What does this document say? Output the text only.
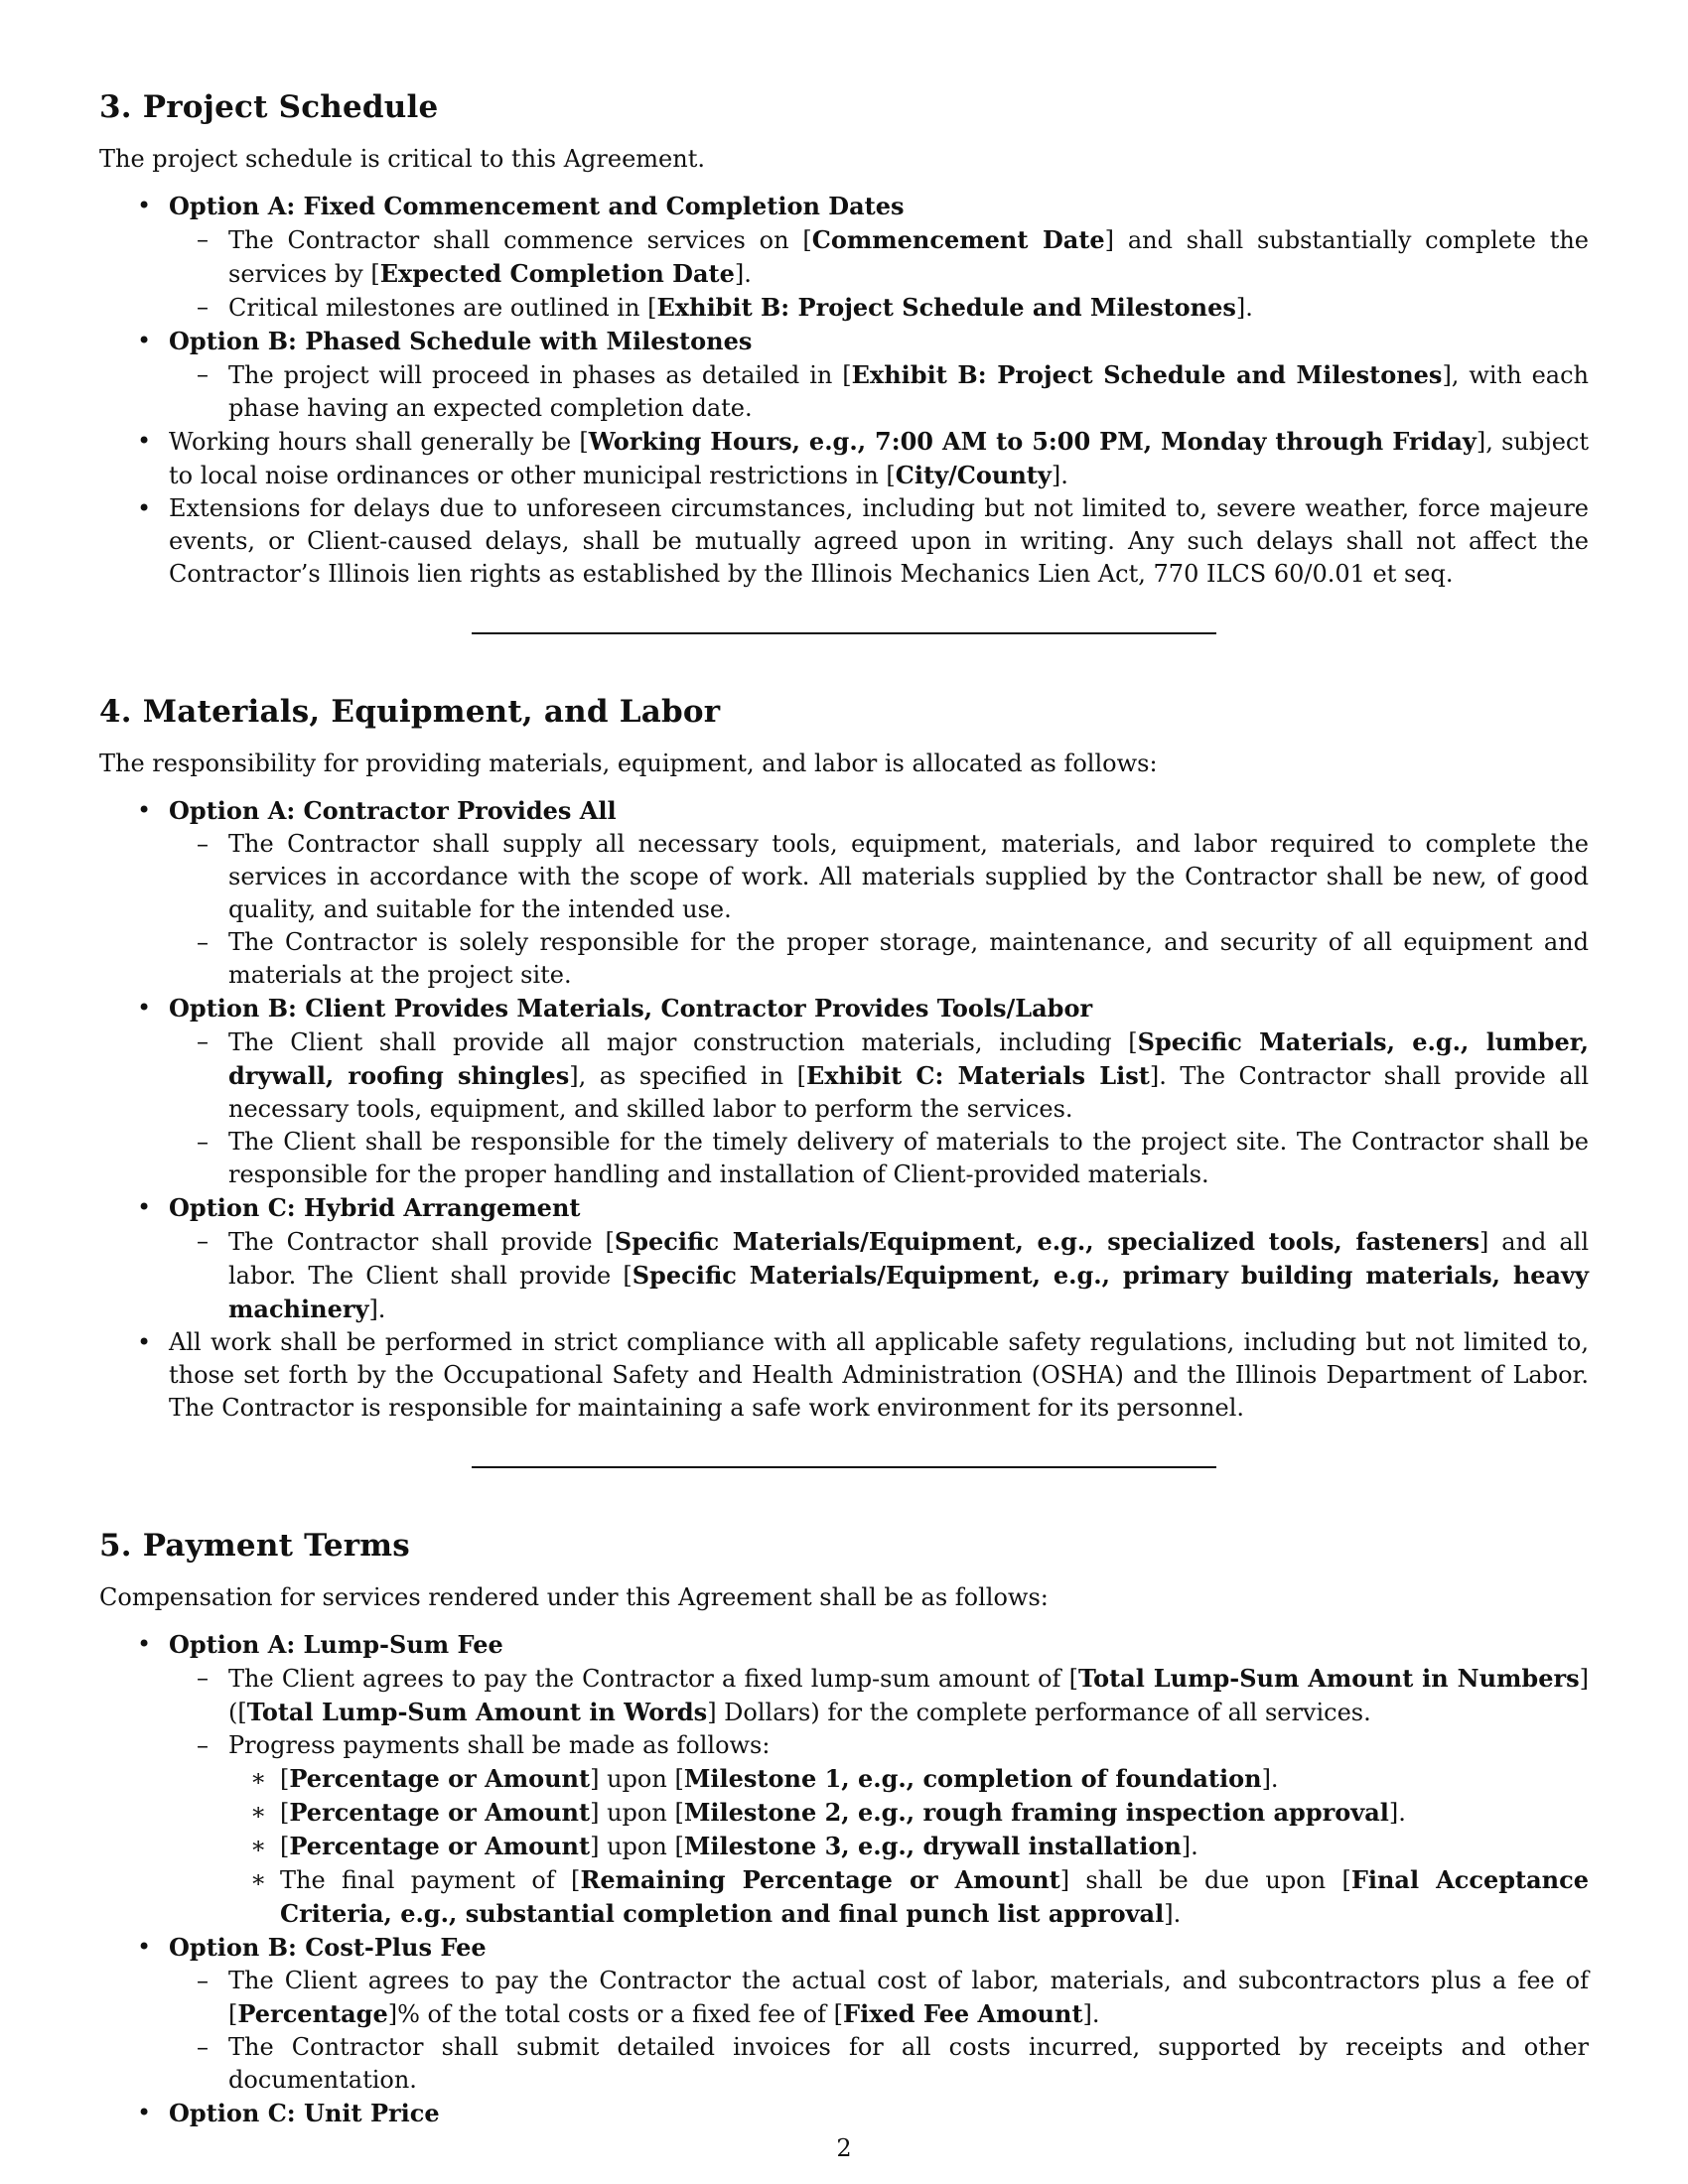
3. Project Schedule

The project schedule is critical to this Agreement.

• Option A: Fixed Commencement and Completion Dates
– The Contractor shall commence services on [Commencement Date] and shall substantially complete the services by [Expected Completion Date].
– Critical milestones are outlined in [Exhibit B: Project Schedule and Milestones].
• Option B: Phased Schedule with Milestones
– The project will proceed in phases as detailed in [Exhibit B: Project Schedule and Milestones], with each phase having an expected completion date.
• Working hours shall generally be [Working Hours, e.g., 7:00 AM to 5:00 PM, Monday through Friday], subject to local noise ordinances or other municipal restrictions in [City/County].
• Extensions for delays due to unforeseen circumstances, including but not limited to, severe weather, force majeure events, or Client-caused delays, shall be mutually agreed upon in writing. Any such delays shall not affect the Contractor’s Illinois lien rights as established by the Illinois Mechanics Lien Act, 770 ILCS 60/0.01 et seq.
4. Materials, Equipment, and Labor

The responsibility for providing materials, equipment, and labor is allocated as follows:

• Option A: Contractor Provides All
– The Contractor shall supply all necessary tools, equipment, materials, and labor required to complete the services in accordance with the scope of work. All materials supplied by the Contractor shall be new, of good quality, and suitable for the intended use.
– The Contractor is solely responsible for the proper storage, maintenance, and security of all equipment and materials at the project site.
• Option B: Client Provides Materials, Contractor Provides Tools/Labor
– The Client shall provide all major construction materials, including [Specific Materials, e.g., lumber, drywall, roofing shingles], as specified in [Exhibit C: Materials List]. The Contractor shall provide all necessary tools, equipment, and skilled labor to perform the services.
– The Client shall be responsible for the timely delivery of materials to the project site. The Contractor shall be responsible for the proper handling and installation of Client-provided materials.
• Option C: Hybrid Arrangement
– The Contractor shall provide [Specific Materials/Equipment, e.g., specialized tools, fasteners] and all labor. The Client shall provide [Specific Materials/Equipment, e.g., primary building materials, heavy machinery].
• All work shall be performed in strict compliance with all applicable safety regulations, including but not limited to, those set forth by the Occupational Safety and Health Administration (OSHA) and the Illinois Department of Labor. The Contractor is responsible for maintaining a safe work environment for its personnel.
5. Payment Terms

Compensation for services rendered under this Agreement shall be as follows:

• Option A: Lump-Sum Fee
– The Client agrees to pay the Contractor a fixed lump-sum amount of [Total Lump-Sum Amount in Numbers] ([Total Lump-Sum Amount in Words] Dollars) for the complete performance of all services.
– Progress payments shall be made as follows:
∗ [Percentage or Amount] upon [Milestone 1, e.g., completion of foundation].
∗ [Percentage or Amount] upon [Milestone 2, e.g., rough framing inspection approval].
∗ [Percentage or Amount] upon [Milestone 3, e.g., drywall installation].
∗ The final payment of [Remaining Percentage or Amount] shall be due upon [Final Acceptance Criteria, e.g., substantial completion and final punch list approval].
• Option B: Cost-Plus Fee
– The Client agrees to pay the Contractor the actual cost of labor, materials, and subcontractors plus a fee of [Percentage]% of the total costs or a fixed fee of [Fixed Fee Amount].
– The Contractor shall submit detailed invoices for all costs incurred, supported by receipts and other documentation.
• Option C: Unit Price
2
